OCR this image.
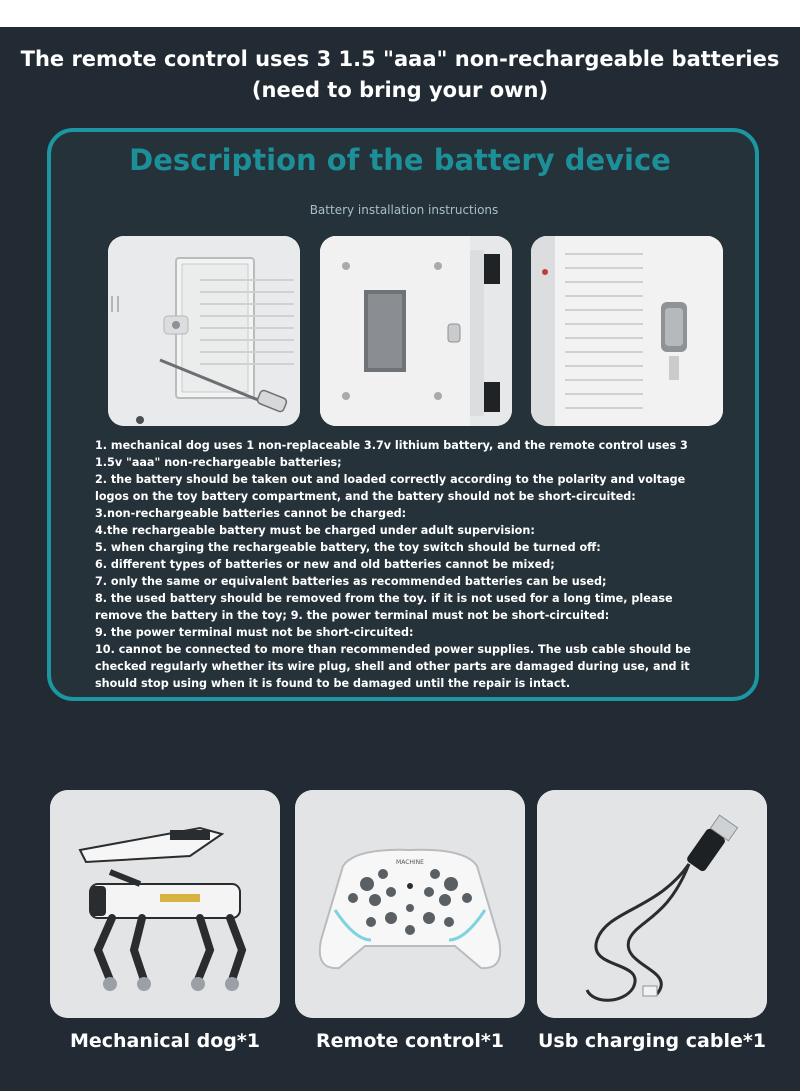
The remote control uses 3 1.5 "aaa" non-rechargeable batteries
(need to bring your own)
Description of the battery device
Battery installation instructions
1. mechanical dog uses 1 non-replaceable 3.7v lithium battery, and the remote control uses 3
1.5v "aaa" non-rechargeable batteries;
2. the battery should be taken out and loaded correctly according to the polarity and voltage
logos on the toy battery compartment, and the battery should not be short-circuited:
3.non-rechargeable batteries cannot be charged:
4.the rechargeable battery must be charged under adult supervision:
5. when charging the rechargeable battery, the toy switch should be turned off:
6. different types of batteries or new and old batteries cannot be mixed;
7. only the same or equivalent batteries as recommended batteries can be used;
8. the used battery should be removed from the toy. if it is not used for a long time, please
remove the battery in the toy; 9. the power terminal must not be short-circuited:
9. the power terminal must not be short-circuited:
10. cannot be connected to more than recommended power supplies. The usb cable should be
checked regularly whether its wire plug, shell and other parts are damaged during use, and it
should stop using when it is found to be damaged until the repair is intact.
MACHINE
Mechanical dog*1	Remote control*1	Usb charging cable*1
